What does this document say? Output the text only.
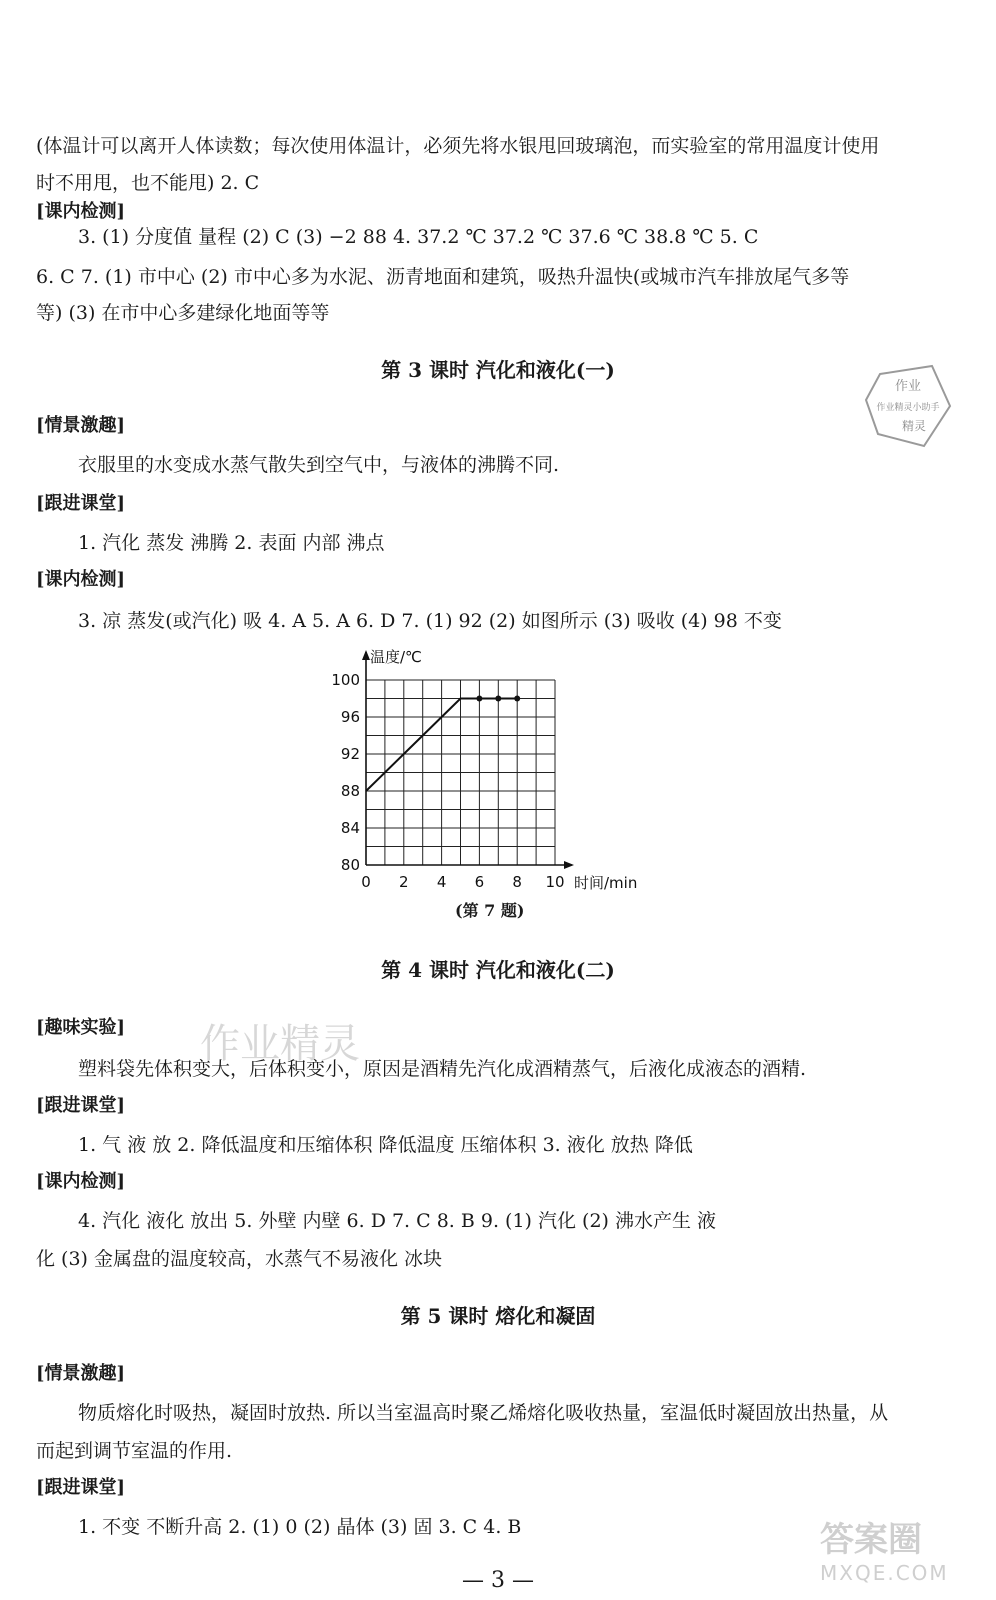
(体温计可以离开人体读数；每次使用体温计，必须先将水银甩回玻璃泡，而实验室的常用温度计使用
时不用甩，也不能甩) 2. C
[课内检测]
3. (1) 分度值 量程 (2) C (3) −2 88 4. 37.2 ℃ 37.2 ℃ 37.6 ℃ 38.8 ℃ 5. C
6. C 7. (1) 市中心 (2) 市中心多为水泥、沥青地面和建筑，吸热升温快(或城市汽车排放尾气多等
等) (3) 在市中心多建绿化地面等等
第 3 课时 汽化和液化(一)
作业
作业精灵小助手
精灵
[情景激趣]
衣服里的水变成水蒸气散失到空气中，与液体的沸腾不同.
[跟进课堂]
1. 汽化 蒸发 沸腾 2. 表面 内部 沸点
[课内检测]
3. 凉 蒸发(或汽化) 吸 4. A 5. A 6. D 7. (1) 92 (2) 如图所示 (3) 吸收 (4) 98 不变
0 2 4 6 8 10
80
84
88
92
96
100
温度/℃
时间/min
(第 7 题)
第 4 课时 汽化和液化(二)
作业精灵
[趣味实验]
塑料袋先体积变大，后体积变小，原因是酒精先汽化成酒精蒸气，后液化成液态的酒精.
[跟进课堂]
1. 气 液 放 2. 降低温度和压缩体积 降低温度 压缩体积 3. 液化 放热 降低
[课内检测]
4. 汽化 液化 放出 5. 外壁 内壁 6. D 7. C 8. B 9. (1) 汽化 (2) 沸水产生 液
化 (3) 金属盘的温度较高，水蒸气不易液化 冰块
第 5 课时 熔化和凝固
[情景激趣]
物质熔化时吸热，凝固时放热. 所以当室温高时聚乙烯熔化吸收热量，室温低时凝固放出热量，从
而起到调节室温的作用.
[跟进课堂]
1. 不变 不断升高 2. (1) 0 (2) 晶体 (3) 固 3. C 4. B
— 3 —
答案圈
MXQE.COM
